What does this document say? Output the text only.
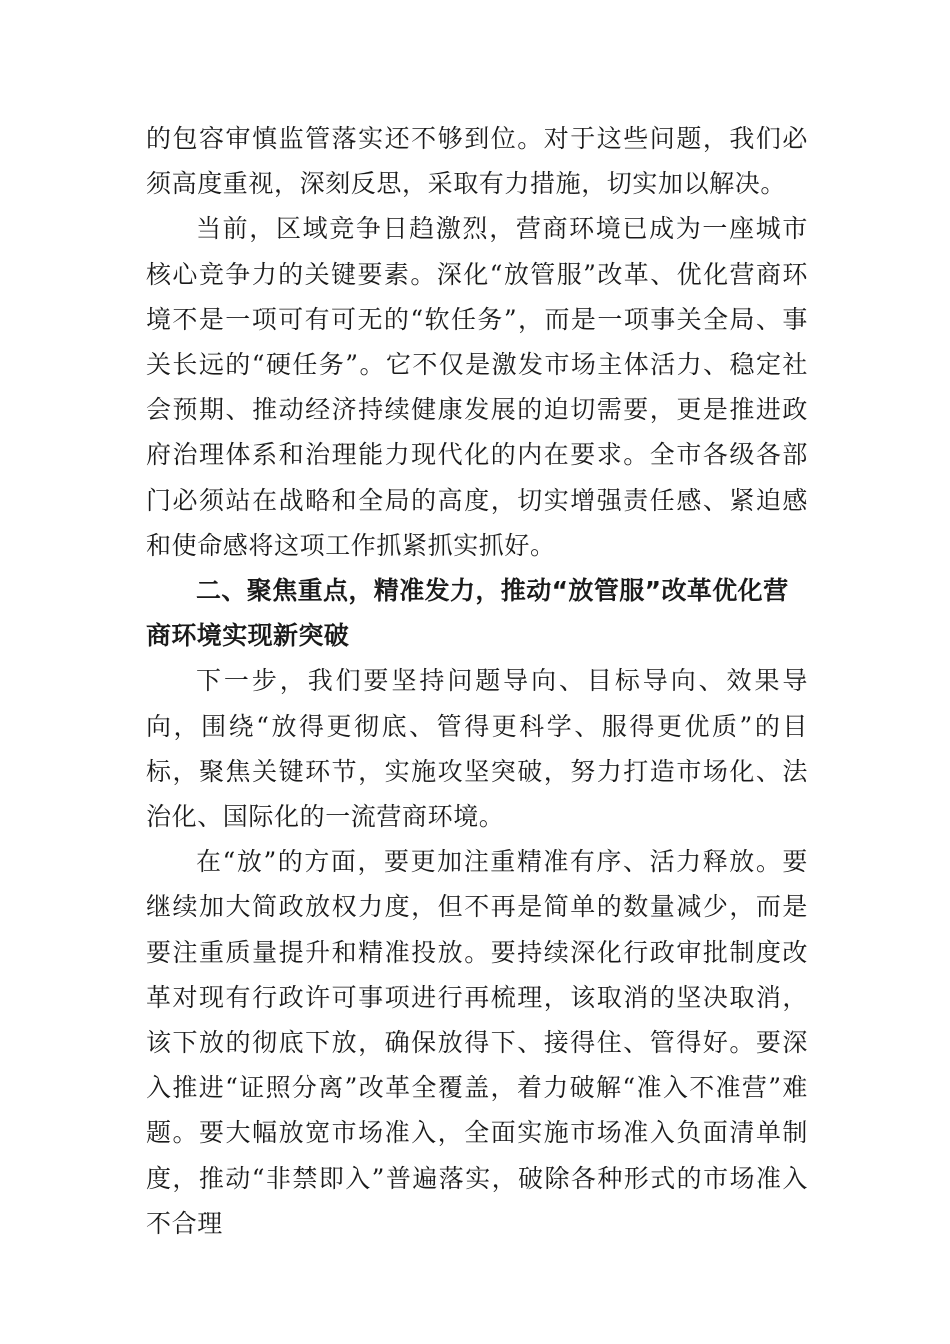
的包容审慎监管落实还不够到位。对于这些问题，我们必须高度重视，深刻反思，采取有力措施，切实加以解决。

当前，区域竞争日趋激烈，营商环境已成为一座城市核心竞争力的关键要素。深化“放管服”改革、优化营商环境不是一项可有可无的“软任务”，而是一项事关全局、事关长远的“硬任务”。它不仅是激发市场主体活力、稳定社会预期、推动经济持续健康发展的迫切需要，更是推进政府治理体系和治理能力现代化的内在要求。全市各级各部门必须站在战略和全局的高度，切实增强责任感、紧迫感和使命感将这项工作抓紧抓实抓好。

二、聚焦重点，精准发力，推动“放管服”改革优化营商环境实现新突破

下一步，我们要坚持问题导向、目标导向、效果导向，围绕“放得更彻底、管得更科学、服得更优质”的目标，聚焦关键环节，实施攻坚突破，努力打造市场化、法治化、国际化的一流营商环境。

在“放”的方面，要更加注重精准有序、活力释放。要继续加大简政放权力度，但不再是简单的数量减少，而是要注重质量提升和精准投放。要持续深化行政审批制度改革对现有行政许可事项进行再梳理，该取消的坚决取消，该下放的彻底下放，确保放得下、接得住、管得好。要深入推进“证照分离”改革全覆盖，着力破解“准入不准营”难题。要大幅放宽市场准入，全面实施市场准入负面清单制度，推动“非禁即入”普遍落实，破除各种形式的市场准入不合理
